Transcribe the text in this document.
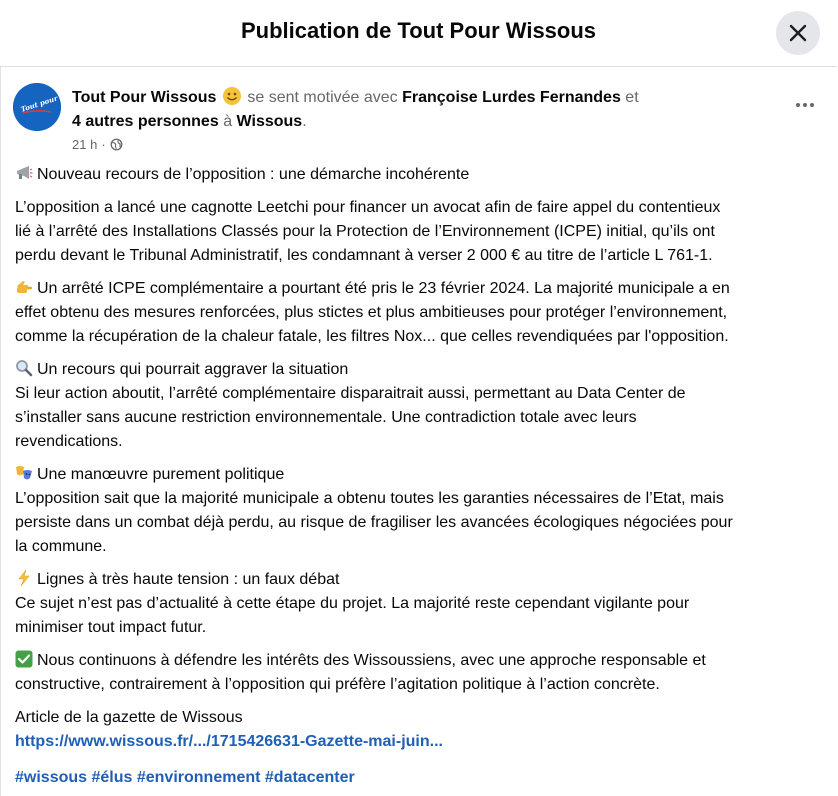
Publication de Tout Pour Wissous
Tout pour Wissous !
Tout Pour Wissous se sent motivée avec Françoise Lurdes Fernandes et
4 autres personnes à Wissous.
21 h ·
Nouveau recours de l’opposition : une démarche incohérente
L’opposition a lancé une cagnotte Leetchi pour financer un avocat afin de faire appel du contentieux
lié à l’arrêté des Installations Classés pour la Protection de l’Environnement (ICPE) initial, qu’ils ont
perdu devant le Tribunal Administratif, les condamnant à verser 2 000 € au titre de l’article L 761-1.
Un arrêté ICPE complémentaire a pourtant été pris le 23 février 2024. La majorité municipale a en
effet obtenu des mesures renforcées, plus stictes et plus ambitieuses pour protéger l’environnement,
comme la récupération de la chaleur fatale, les filtres Nox... que celles revendiquées par l'opposition.
Un recours qui pourrait aggraver la situation
Si leur action aboutit, l’arrêté complémentaire disparaitrait aussi, permettant au Data Center de
s’installer sans aucune restriction environnementale. Une contradiction totale avec leurs
revendications.
Une manœuvre purement politique
L’opposition sait que la majorité municipale a obtenu toutes les garanties nécessaires de l’Etat, mais
persiste dans un combat déjà perdu, au risque de fragiliser les avancées écologiques négociées pour
la commune.
Lignes à très haute tension : un faux débat
Ce sujet n’est pas d’actualité à cette étape du projet. La majorité reste cependant vigilante pour
minimiser tout impact futur.
Nous continuons à défendre les intérêts des Wissoussiens, avec une approche responsable et
constructive, contrairement à l’opposition qui préfère l’agitation politique à l’action concrète.
Article de la gazette de Wissous
https://www.wissous.fr/.../1715426631-Gazette-mai-juin...
#wissous #élus #environnement #datacenter
